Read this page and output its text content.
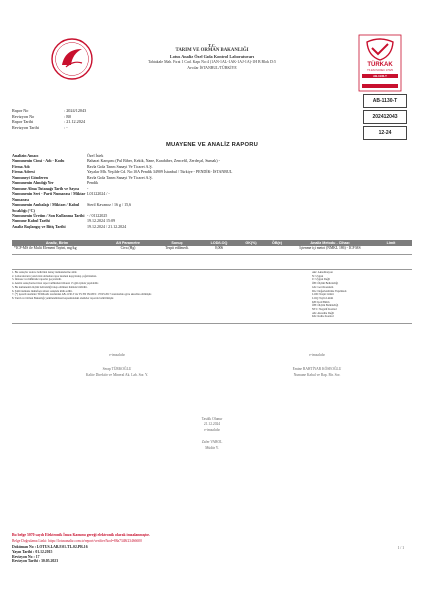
TÜRKAK
TS EN ISO/IEC 17025
AB-1130-T
T.C.
TARIM VE ORMAN BAKANLIĞI
Lotus Analiz Özel Gıda Kontrol Laboratuvarı
Tahtakale Mah. Fırat 1 Cad. Kapı No:4 (1AN-1AL-1AK-1AJ-1A)-1H B Blok D:5
Avcılar İSTANBUL/TÜRKİYE
Rapor No	: 2024/12043
Revizyon No	: R0
Rapor Tarihi	: 21.12.2024
Revizyon Tarihi	: -
AB-1130-T
202412043
12-24
MUAYENE VE ANALİZ RAPORU
Analizin Amacı	Özel İstek
Numunenin Cinsi - Adı - Kodu	Baharat Karışımı (Pul Biber, Kekik, Nane, Karabiber, Zencefil, Zerdeçal, Sumak) -
Firma Adı	Ravla Gıda Tarım Sanayi Ve Ticaret A.Ş.
Firma Adresi	Yayalar Mh. Yeşilde Cd. No:10A Pendik 34909 İstanbul / Türkiye - PENDİK- İSTANBUL
Numuneyi Gönderen	Ravla Gıda Tarım Sanayi Ve Ticaret A.Ş.
Numunenin Alındığı Yer	Pendik
Numune Alma Tutanağı Tarih ve Sayısı	-
Numunenin Seri - Parti Numarası / Miktar Numarası
L01122024 / -
Numunenin Ambalajı / Miktarı / Kabul Sıcaklığı (°C)
Steril Kavanoz / 16 g / 15,6
Numunenin Üretim / Son Kullanma Tarihi - / 01122025
Numune Kabul Tarihi	19.12.2024 15:09
Analiz Başlangıç ve Bitiş Tarihi	19.12.2024 / 21.12.2024
Analiz, Birim	Alt Parametre	Sonuç	LOD/LOQ	GK(%)	ÖB(±)	Analiz Metodu - Cihazı	Limit
*ICP-MS ile Multi Element Tayini, mg/kg	Civa (Hg)	Tespit edilmedi.	0,006			İçtenme içi metot (NMKL 186) - ICP MS	

1. Bu sonuçlar sadece belirtilen deney numunelerine aittir.
2. Laboratuvarın yazılı izni olmadan rapor kısmen kopyalanıp çoğaltılamaz.
3. İmzasız ve mühürsüz raporlar geçersizdir.
4. Analiz sonuçlarına itiraz rapor tarihinden itibaren 15 gün içinde yapılabilir.
5. Bu numunenin ölçüm belirsizliği talep edilmesi halinde bildirilir.
6. Şahit numune muhafaza süresi sonunda imha edilir.
7. (*) işaretli analizler TÜRKAK tarafından AB-1130-T ile TS EN ISO/IEC 17025:2017 standardına göre akredite edilmiştir.
8. Tarım ve Orman Bakanlığı yetkilendirmesi kapsamındaki analizler raporda belirtilmiştir.
Akr: Akreditasyon
N: Uygun
U: Uygun Değil
ÖB: Ölçüm Belirsizliği
GK: Geri Kazanım
DG: Değerlendirme Yapılmadı
LOD: Tespit Limiti
LOQ: Tayin Limiti
KB: Kob/Birim
ÖH: Ölçüm Belirsizliği
NTC: Negatif Kontrol
AK: Akredite Değil
KK: Kalite Kontrol
e-imzalıdır
Serap TÜRKOĞLU
Kalite Direktör ve Mineral Ak. Lab. Sor. Y.
e-imzalıdır
Emine BAHTİYAR KÖSEOĞLU
Numune Kabul ve Rap. Bir. Sor.
Tasdik Olunur
21.12.2024
e-imzalıdır
Zafer VAROL
Müdür Y.
Bu belge 5070 sayılı Elektronik İmza Kanunu gereği elektronik olarak imzalanmıştır.
Belge Doğrulama Linki: https://lotusanaliz.com.tr/report/verifier?kod=88a7348f23466600
Doküman No : LOTUS.LAB.F.01.TL.02.PR.16
Yayın Tarihi : 01.12.2015
Revizyon No : 17
Revizyon Tarihi : 30.05.2023
1 / 1
